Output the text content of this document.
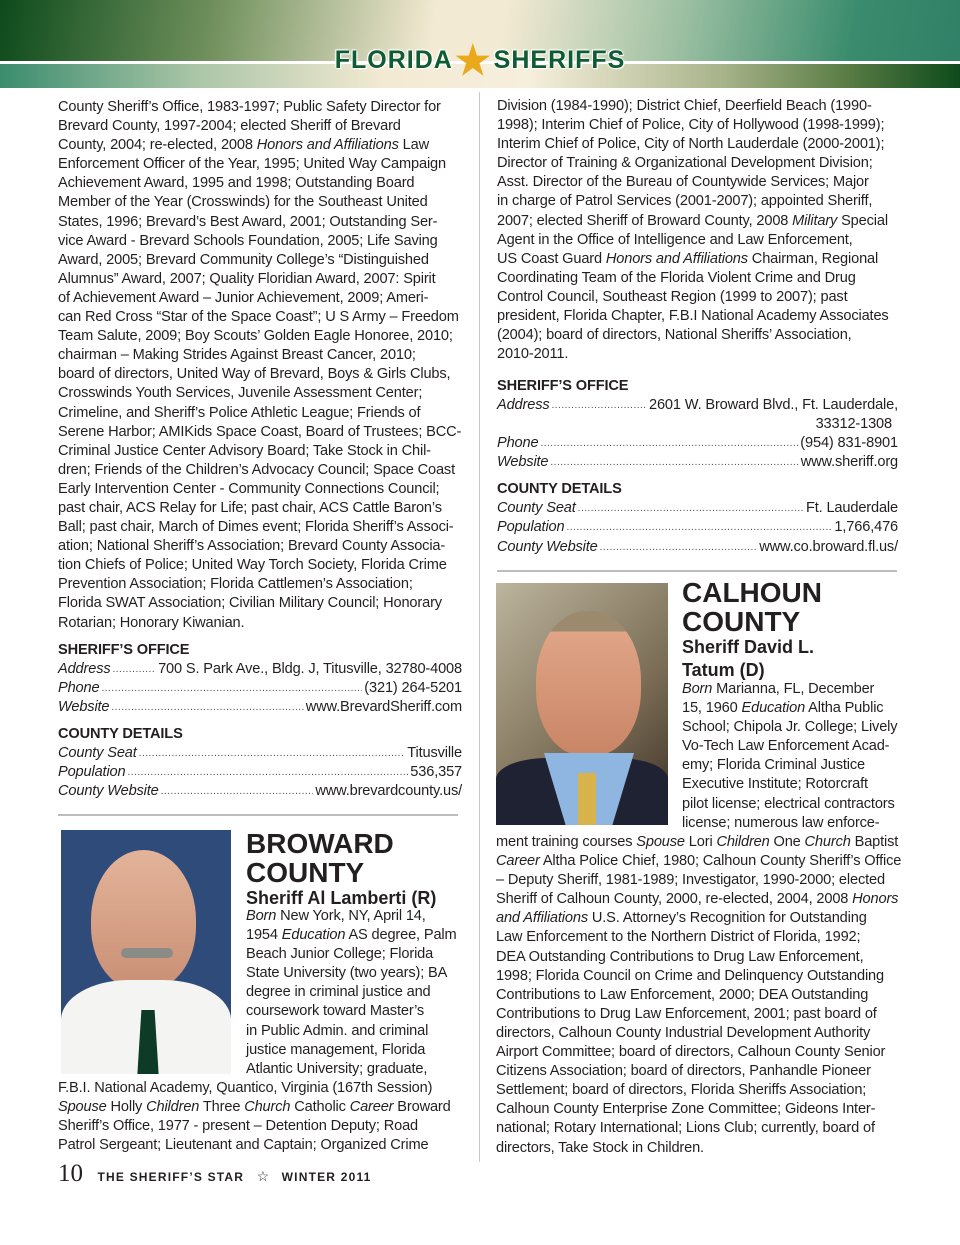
FLORIDA★SHERIFFS
County Sheriff’s Office, 1983-1997; Public Safety Director for
Brevard County, 1997-2004; elected Sheriff of Brevard
County, 2004; re-elected, 2008 Honors and Affiliations Law
Enforcement Officer of the Year, 1995; United Way Campaign
Achievement Award, 1995 and 1998; Outstanding Board
Member of the Year (Crosswinds) for the Southeast United
States, 1996; Brevard’s Best Award, 2001; Outstanding Ser-
vice Award - Brevard Schools Foundation, 2005; Life Saving
Award, 2005; Brevard Community College’s “Distinguished
Alumnus” Award, 2007; Quality Floridian Award, 2007: Spirit
of Achievement Award – Junior Achievement, 2009; Ameri-
can Red Cross “Star of the Space Coast”; U S Army – Freedom
Team Salute, 2009; Boy Scouts’ Golden Eagle Honoree, 2010;
chairman – Making Strides Against Breast Cancer, 2010;
board of directors, United Way of Brevard, Boys & Girls Clubs,
Crosswinds Youth Services, Juvenile Assessment Center;
Crimeline, and Sheriff’s Police Athletic League; Friends of
Serene Harbor; AMIKids Space Coast, Board of Trustees; BCC-
Criminal Justice Center Advisory Board; Take Stock in Chil-
dren; Friends of the Children’s Advocacy Council; Space Coast
Early Intervention Center - Community Connections Council;
past chair, ACS Relay for Life; past chair, ACS Cattle Baron’s
Ball; past chair, March of Dimes event; Florida Sheriff’s Associ-
ation; National Sheriff’s Association; Brevard County Associa-
tion Chiefs of Police; United Way Torch Society, Florida Crime
Prevention Association; Florida Cattlemen’s Association;
Florida SWAT Association; Civilian Military Council; Honorary
Rotarian; Honorary Kiwanian.
SHERIFF’S OFFICE
Address .....	700 S. Park Ave., Bldg. J, Titusville, 32780-4008
Phone .....	(321) 264-5201
Website .....	www.BrevardSheriff.com
COUNTY DETAILS
County Seat .....	Titusville
Population .....	536,357
County Website .....	www.brevardcounty.us/
BROWARD
COUNTY
Sheriff Al Lamberti (R)
Born New York, NY, April 14,
1954 Education AS degree, Palm
Beach Junior College; Florida
State University (two years); BA
degree in criminal justice and
coursework toward Master’s
in Public Admin. and criminal
justice management, Florida
Atlantic University; graduate,
F.B.I. National Academy, Quantico, Virginia (167th Session)
Spouse Holly Children Three Church Catholic Career Broward
Sheriff’s Office, 1977 - present – Detention Deputy; Road
Patrol Sergeant; Lieutenant and Captain; Organized Crime
10 THE SHERIFF’S STAR ☆ WINTER 2011
Division (1984-1990); District Chief, Deerfield Beach (1990-
1998); Interim Chief of Police, City of Hollywood (1998-1999);
Interim Chief of Police, City of North Lauderdale (2000-2001);
Director of Training & Organizational Development Division;
Asst. Director of the Bureau of Countywide Services; Major
in charge of Patrol Services (2001-2007); appointed Sheriff,
2007; elected Sheriff of Broward County, 2008 Military Special
Agent in the Office of Intelligence and Law Enforcement,
US Coast Guard Honors and Affiliations Chairman, Regional
Coordinating Team of the Florida Violent Crime and Drug
Control Council, Southeast Region (1999 to 2007); past
president, Florida Chapter, F.B.I National Academy Associates
(2004); board of directors, National Sheriffs’ Association,
2010-2011.
SHERIFF’S OFFICE
Address .....	2601 W. Broward Blvd., Ft. Lauderdale,
33312-1308
Phone .....	(954) 831-8901
Website .....	www.sheriff.org
COUNTY DETAILS
County Seat .....	Ft. Lauderdale
Population .....	1,766,476
County Website .....	www.co.broward.fl.us/
CALHOUN
COUNTY
Sheriff David L.
Tatum (D)
Born Marianna, FL, December
15, 1960 Education Altha Public
School; Chipola Jr. College; Lively
Vo-Tech Law Enforcement Acad-
emy; Florida Criminal Justice
Executive Institute; Rotorcraft
pilot license; electrical contractors
license; numerous law enforce-
ment training courses Spouse Lori Children One Church Baptist
Career Altha Police Chief, 1980; Calhoun County Sheriff’s Office
– Deputy Sheriff, 1981-1989; Investigator, 1990-2000; elected
Sheriff of Calhoun County, 2000, re-elected, 2004, 2008 Honors
and Affiliations U.S. Attorney’s Recognition for Outstanding
Law Enforcement to the Northern District of Florida, 1992;
DEA Outstanding Contributions to Drug Law Enforcement,
1998; Florida Council on Crime and Delinquency Outstanding
Contributions to Law Enforcement, 2000; DEA Outstanding
Contributions to Drug Law Enforcement, 2001; past board of
directors, Calhoun County Industrial Development Authority
Airport Committee; board of directors, Calhoun County Senior
Citizens Association; board of directors, Panhandle Pioneer
Settlement; board of directors, Florida Sheriffs Association;
Calhoun County Enterprise Zone Committee; Gideons Inter-
national; Rotary International; Lions Club; currently, board of
directors, Take Stock in Children.
